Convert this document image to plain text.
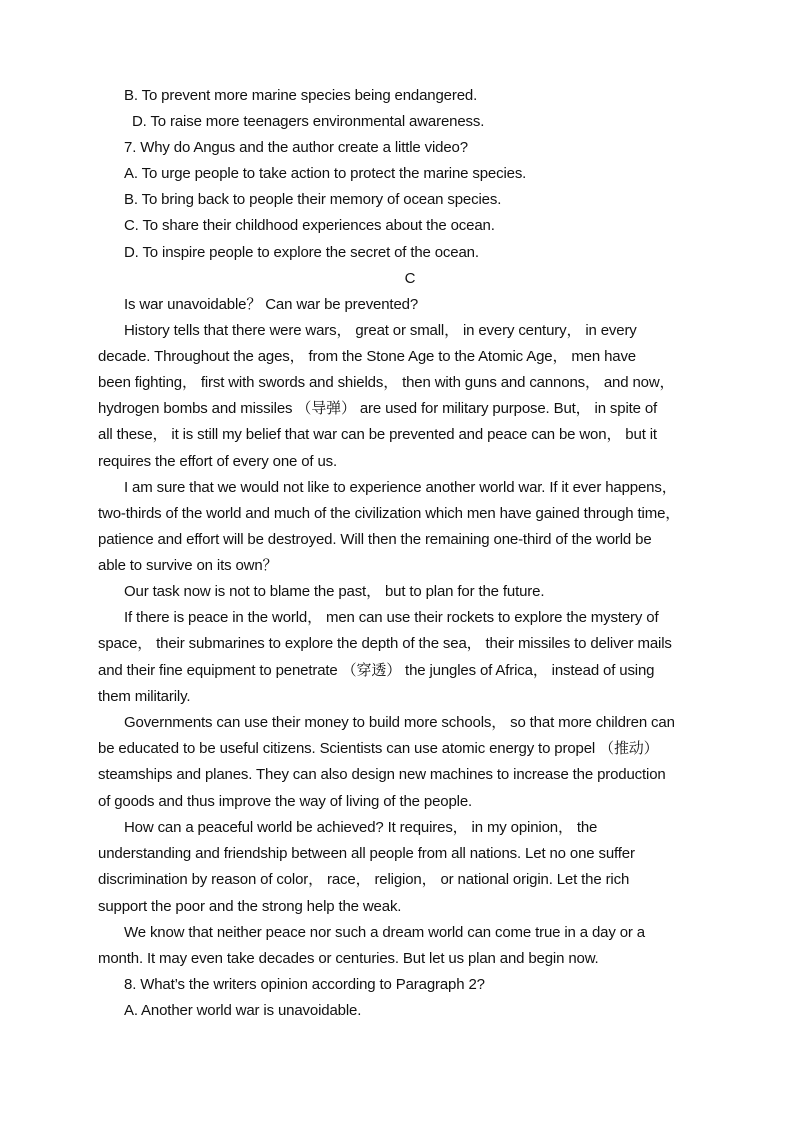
B. To prevent more marine species being endangered.
D. To raise more teenagers environmental awareness.
7. Why do Angus and the author create a little video?
A. To urge people to take action to protect the marine species.
B. To bring back to people their memory of ocean species.
C. To share their childhood experiences about the ocean.
D. To inspire people to explore the secret of the ocean.
C
Is war unavoidable？ Can war be prevented?
History tells that there were wars， great or small， in every century， in every
decade. Throughout the ages， from the Stone Age to the Atomic Age， men have
been fighting， first with swords and shields， then with guns and cannons， and now，
hydrogen bombs and missiles （导弹） are used for military purpose. But， in spite of
all these， it is still my belief that war can be prevented and peace can be won， but it
requires the effort of every one of us.
I am sure that we would not like to experience another world war. If it ever happens，
two-thirds of the world and much of the civilization which men have gained through time，
patience and effort will be destroyed. Will then the remaining one-third of the world be
able to survive on its own？
Our task now is not to blame the past， but to plan for the future.
If there is peace in the world， men can use their rockets to explore the mystery of
space， their submarines to explore the depth of the sea， their missiles to deliver mails
and their fine equipment to penetrate （穿透） the jungles of Africa， instead of using
them militarily.
Governments can use their money to build more schools， so that more children can
be educated to be useful citizens. Scientists can use atomic energy to propel （推动）
steamships and planes. They can also design new machines to increase the production
of goods and thus improve the way of living of the people.
How can a peaceful world be achieved? It requires， in my opinion， the
understanding and friendship between all people from all nations. Let no one suffer
discrimination by reason of color， race， religion， or national origin. Let the rich
support the poor and the strong help the weak.
We know that neither peace nor such a dream world can come true in a day or a
month. It may even take decades or centuries. But let us plan and begin now.
8. What’s the writers opinion according to Paragraph 2?
A. Another world war is unavoidable.
